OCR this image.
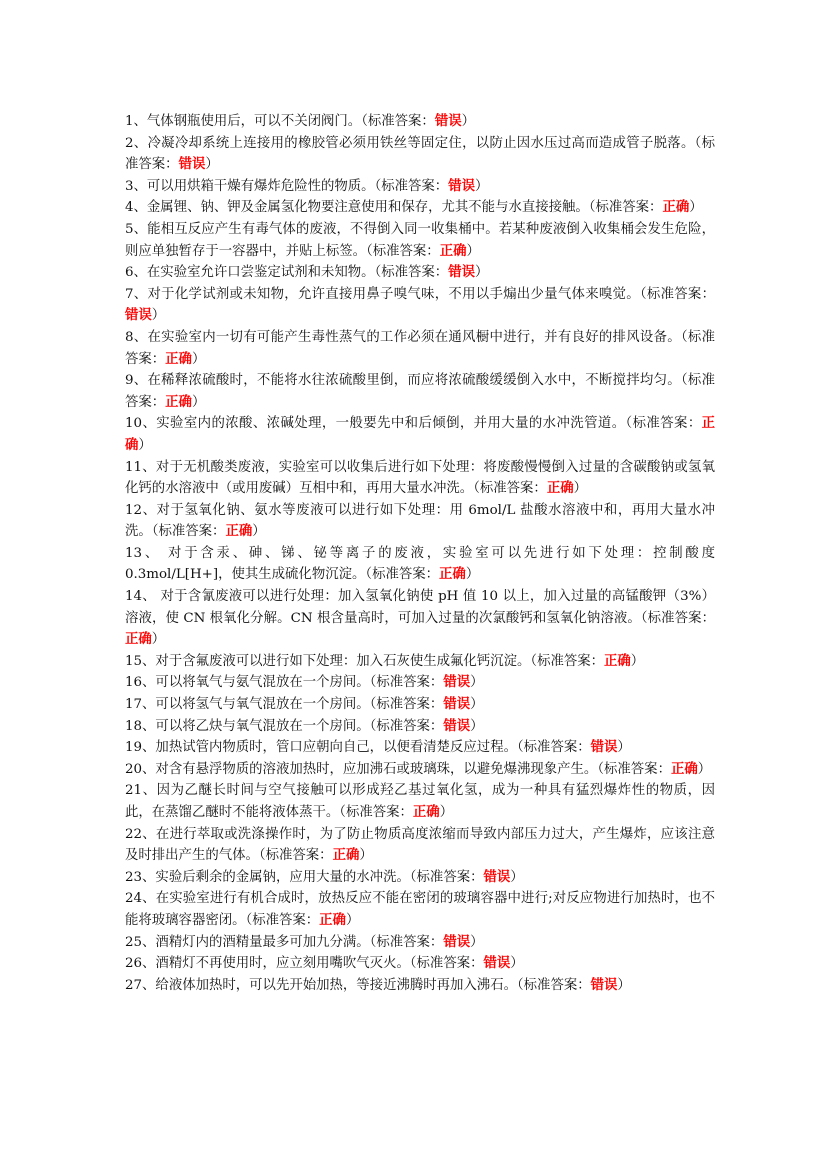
1、气体钢瓶使用后，可以不关闭阀门。（标准答案：错误）

2、冷凝冷却系统上连接用的橡胶管必须用铁丝等固定住，以防止因水压过高而造成管子脱落。（标准答案：错误）

3、可以用烘箱干燥有爆炸危险性的物质。（标准答案：错误）

4、金属锂、钠、钾及金属氢化物要注意使用和保存，尤其不能与水直接接触。（标准答案：正确）

5、能相互反应产生有毒气体的废液，不得倒入同一收集桶中。若某种废液倒入收集桶会发生危险，则应单独暂存于一容器中，并贴上标签。（标准答案：正确）

6、在实验室允许口尝鉴定试剂和未知物。（标准答案：错误）

7、对于化学试剂或未知物，允许直接用鼻子嗅气味，不用以手煽出少量气体来嗅觉。（标准答案：错误）

8、在实验室内一切有可能产生毒性蒸气的工作必须在通风橱中进行，并有良好的排风设备。（标准答案：正确）

9、在稀释浓硫酸时，不能将水往浓硫酸里倒，而应将浓硫酸缓缓倒入水中，不断搅拌均匀。（标准答案：正确）

10、实验室内的浓酸、浓碱处理，一般要先中和后倾倒，并用大量的水冲洗管道。（标准答案：正确）

11、对于无机酸类废液，实验室可以收集后进行如下处理：将废酸慢慢倒入过量的含碳酸钠或氢氧化钙的水溶液中（或用废碱）互相中和，再用大量水冲洗。（标准答案：正确）

12、对于氢氧化钠、氨水等废液可以进行如下处理：用 6mol/L 盐酸水溶液中和，再用大量水冲洗。（标准答案：正确）

13、 对于含汞、砷、锑、铋等离子的废液，实验室可以先进行如下处理：控制酸度 0.3mol/L[H+]，使其生成硫化物沉淀。（标准答案：正确）

14、 对于含氰废液可以进行处理：加入氢氧化钠使 pH 值 10 以上，加入过量的高锰酸钾（3%）溶液，使 CN 根氧化分解。CN 根含量高时，可加入过量的次氯酸钙和氢氧化钠溶液。（标准答案：正确）

15、对于含氟废液可以进行如下处理：加入石灰使生成氟化钙沉淀。（标准答案：正确）

16、可以将氧气与氨气混放在一个房间。（标准答案：错误）

17、可以将氢气与氧气混放在一个房间。（标准答案：错误）

18、可以将乙炔与氧气混放在一个房间。（标准答案：错误）

19、加热试管内物质时，管口应朝向自己，以便看清楚反应过程。（标准答案：错误）

20、对含有悬浮物质的溶液加热时，应加沸石或玻璃珠，以避免爆沸现象产生。（标准答案：正确）

21、因为乙醚长时间与空气接触可以形成羟乙基过氧化氢，成为一种具有猛烈爆炸性的物质，因此，在蒸馏乙醚时不能将液体蒸干。（标准答案：正确）

22、在进行萃取或洗涤操作时，为了防止物质高度浓缩而导致内部压力过大，产生爆炸，应该注意及时排出产生的气体。（标准答案：正确）

23、实验后剩余的金属钠，应用大量的水冲洗。（标准答案：错误）

24、在实验室进行有机合成时，放热反应不能在密闭的玻璃容器中进行;对反应物进行加热时，也不能将玻璃容器密闭。（标准答案：正确）

25、酒精灯内的酒精量最多可加九分满。（标准答案：错误）

26、酒精灯不再使用时，应立刻用嘴吹气灭火。（标准答案：错误）

27、给液体加热时，可以先开始加热，等接近沸腾时再加入沸石。（标准答案：错误）
